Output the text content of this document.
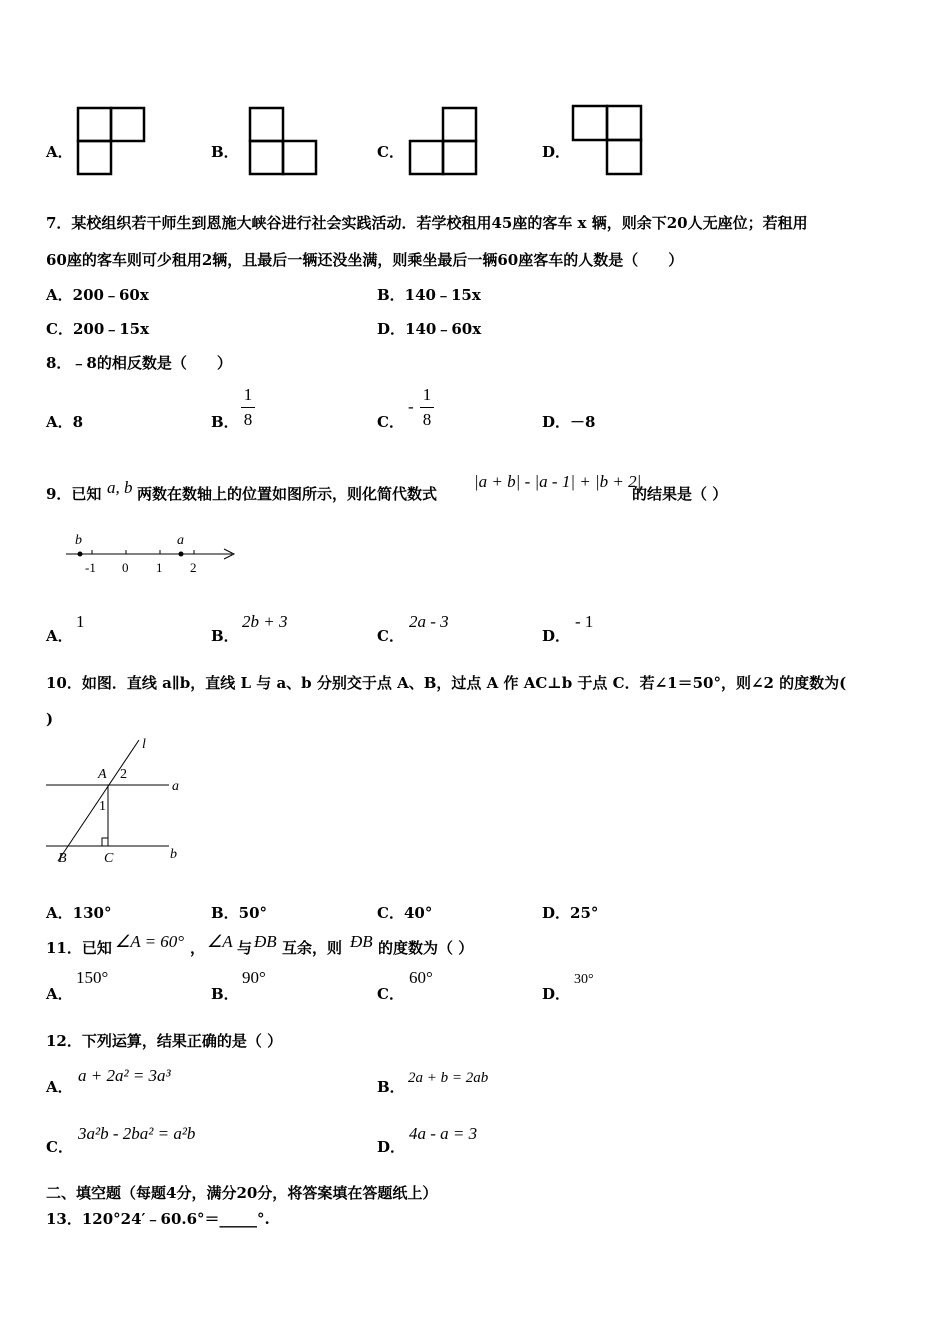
A．	B．	C．	D．
7．某校组织若干师生到恩施大峡谷进行社会实践活动．若学校租用45座的客车 x 辆，则余下20人无座位；若租用
60座的客车则可少租用2辆，且最后一辆还没坐满，则乘坐最后一辆60座客车的人数是（　　）
A．200﹣60x	B．140﹣15x
C．200﹣15x	D．140﹣60x
8．﹣8的相反数是（　　）
A．8	B．
1
8	C．
-
1
8	D．－8
9．已知 a, b 两数在数轴上的位置如图所示，则化简代数式
|a + b| - |a - 1| + |b + 2|
的结果是（ ）
b	a
-1 0 1 2
A．
1
B．
2b + 3
C．
2a - 3
D．
- 1
10．如图．直线 a∥b，直线 L 与 a、b 分别交于点 A、B，过点 A 作 AC⊥b 于点 C．若∠1＝50°，则∠2 的度数为(
)
l
A 2
a
1
B	C	b
A．130°	B．50°	C．40°	D．25°
11．已知 ∠A = 60° ， ∠A 与 ÐB 互余，则 ÐB 的度数为（ ）
A．
150°
B．
90°
C．
60°
D．
30°
12．下列运算，结果正确的是（ ）
A．
a + 2a² = 3a³
B． 2a + b = 2ab
C．
3a²b - 2ba² = a²b
D．
4a - a = 3
二、填空题（每题4分，满分20分，将答案填在答题纸上）
13．120°24′﹣60.6°＝_____°.
